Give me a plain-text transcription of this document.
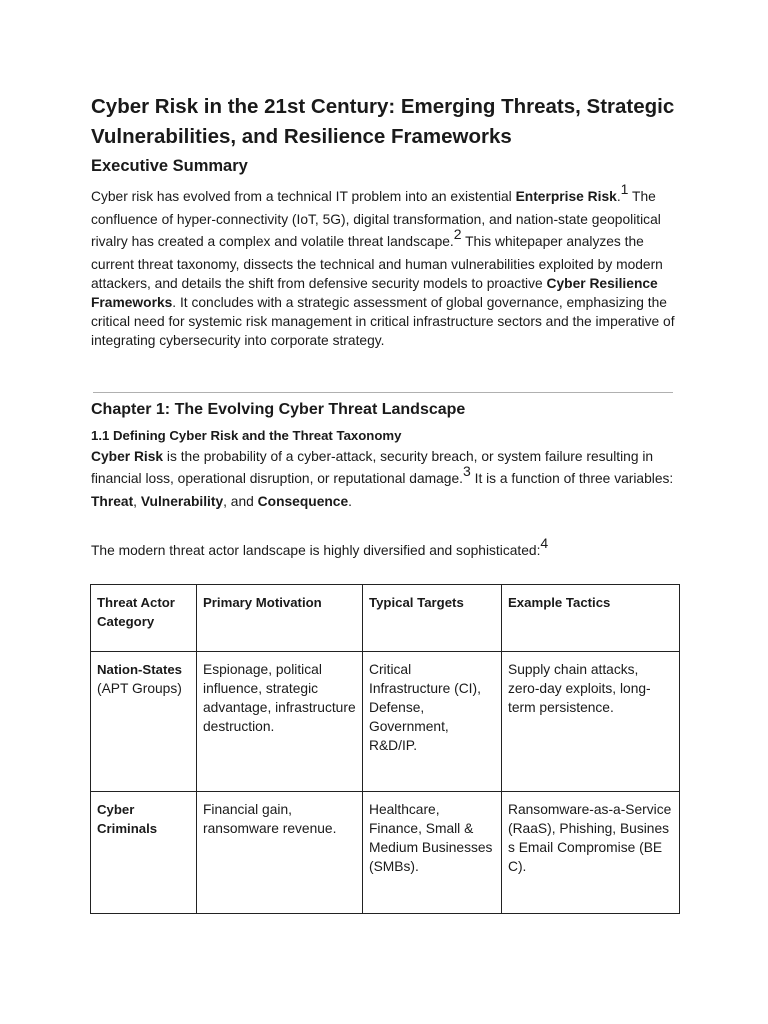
Cyber Risk in the 21st Century: Emerging Threats, Strategic Vulnerabilities, and Resilience Frameworks
Executive Summary

Cyber risk has evolved from a technical IT problem into an existential Enterprise Risk.$^1$ The
confluence of hyper-connectivity (IoT, 5G), digital transformation, and nation-state geopolitical
rivalry has created a complex and volatile threat landscape.$^2$ This whitepaper analyzes the
current threat taxonomy, dissects the technical and human vulnerabilities exploited by modern
attackers, and details the shift from defensive security models to proactive Cyber Resilience
Frameworks. It concludes with a strategic assessment of global governance, emphasizing the
critical need for systemic risk management in critical infrastructure sectors and the imperative of
integrating cybersecurity into corporate strategy.

Chapter 1: The Evolving Cyber Threat Landscape
1.1 Defining Cyber Risk and the Threat Taxonomy

Cyber Risk is the probability of a cyber-attack, security breach, or system failure resulting in
financial loss, operational disruption, or reputational damage.$^3$ It is a function of three variables:
Threat, Vulnerability, and Consequence.

The modern threat actor landscape is highly diversified and sophisticated:$^4$

Threat Actor Category	Primary Motivation	Typical Targets	Example Tactics
Nation-States
(APT Groups)	Espionage, political influence, strategic advantage, infrastructure destruction.	Critical Infrastructure (CI), Defense, Government, R&D/IP.	Supply chain attacks, zero-day exploits, long-term persistence.
Cyber Criminals	Financial gain, ransomware revenue.	Healthcare, Finance, Small & Medium Businesses (SMBs).	Ransomware-as-a-Service (RaaS), Phishing, Business Email Compromise (BEC).
